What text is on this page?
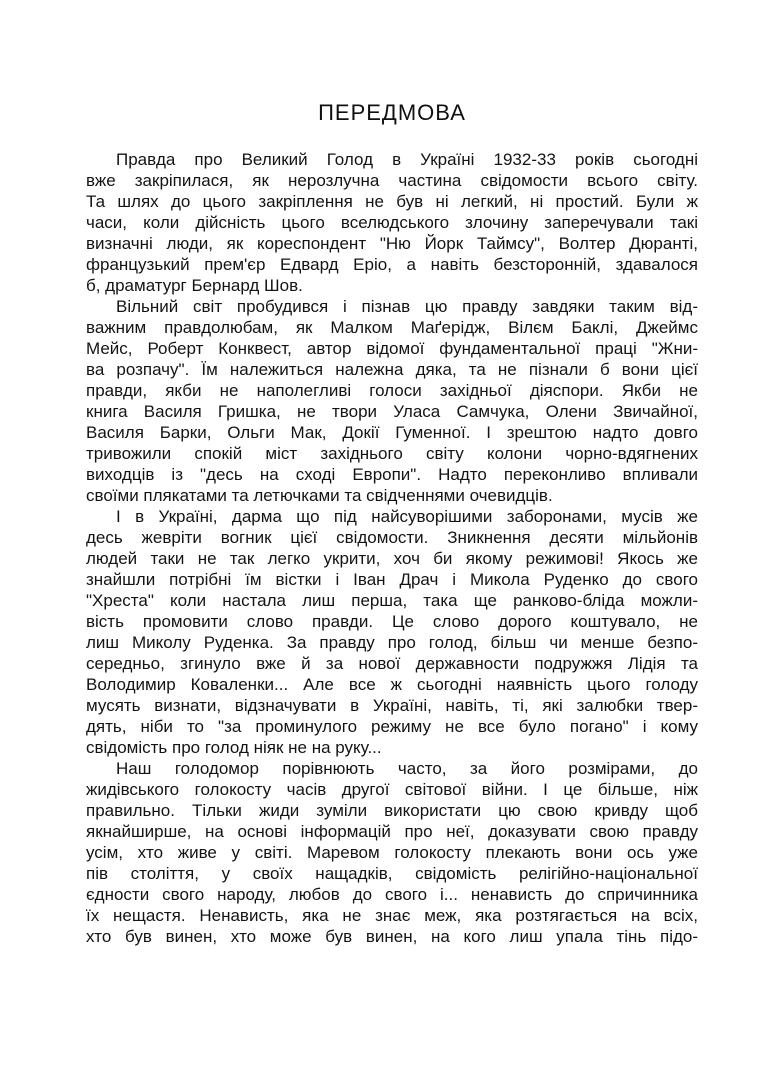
ПЕРЕДМОВА
Правда про Великий Голод в Україні 1932-33 років сьогодні
вже закріпилася, як нерозлучна частина свідомости всього світу.
Та шлях до цього закріплення не був ні легкий, ні простий. Були ж
часи, коли дійсність цього вселюдського злочину заперечували такі
визначні люди, як кореспондент "Ню Йорк Таймсу", Волтер Дюранті,
французький прем'єр Едвард Еріо, а навіть безсторонній, здавалося
б, драматург Бернард Шов.
Вільний світ пробудився і пізнав цю правду завдяки таким від-
важним правдолюбам, як Малком Маґерідж, Вілєм Баклі, Джеймс
Мейс, Роберт Конквест, автор відомої фундаментальної праці "Жни-
ва розпачу". Їм належиться належна дяка, та не пізнали б вони цієї
правди, якби не наполегливі голоси західньої діяспори. Якби не
книга Василя Гришка, не твори Уласа Самчука, Олени Звичайної,
Василя Барки, Ольги Мак, Докії Гуменної. І зрештою надто довго
тривожили спокій міст західнього світу колони чорно-вдягнених
виходців із "десь на сході Европи". Надто переконливо впливали
своїми плякатами та летючками та свідченнями очевидців.
І в Україні, дарма що під найсуворішими заборонами, мусів же
десь жевріти вогник цієї свідомости. Зникнення десяти мільйонів
людей таки не так легко укрити, хоч би якому режимові! Якось же
знайшли потрібні їм вістки і Іван Драч і Микола Руденко до свого
"Хреста" коли настала лиш перша, така ще ранково-бліда можли-
вість промовити слово правди. Це слово дорого коштувало, не
лиш Миколу Руденка. За правду про голод, більш чи менше безпо-
середньо, згинуло вже й за нової державности подружжя Лідія та
Володимир Коваленки... Але все ж сьогодні наявність цього голоду
мусять визнати, відзначувати в Україні, навіть, ті, які залюбки твер-
дять, ніби то "за проминулого режиму не все було погано" і кому
свідомість про голод ніяк не на руку...
Наш голодомор порівнюють часто, за його розмірами, до
жидівського голокосту часів другої світової війни. І це більше, ніж
правильно. Тільки жиди зуміли використати цю свою кривду щоб
якнайширше, на основі інформацій про неї, доказувати свою правду
усім, хто живе у світі. Маревом голокосту плекають вони ось уже
пів століття, у своїх нащадків, свідомість релігійно-національної
єдности свого народу, любов до свого і... ненависть до спричинника
їх нещастя. Ненависть, яка не знає меж, яка розтягається на всіх,
хто був винен, хто може був винен, на кого лиш упала тінь підо-
